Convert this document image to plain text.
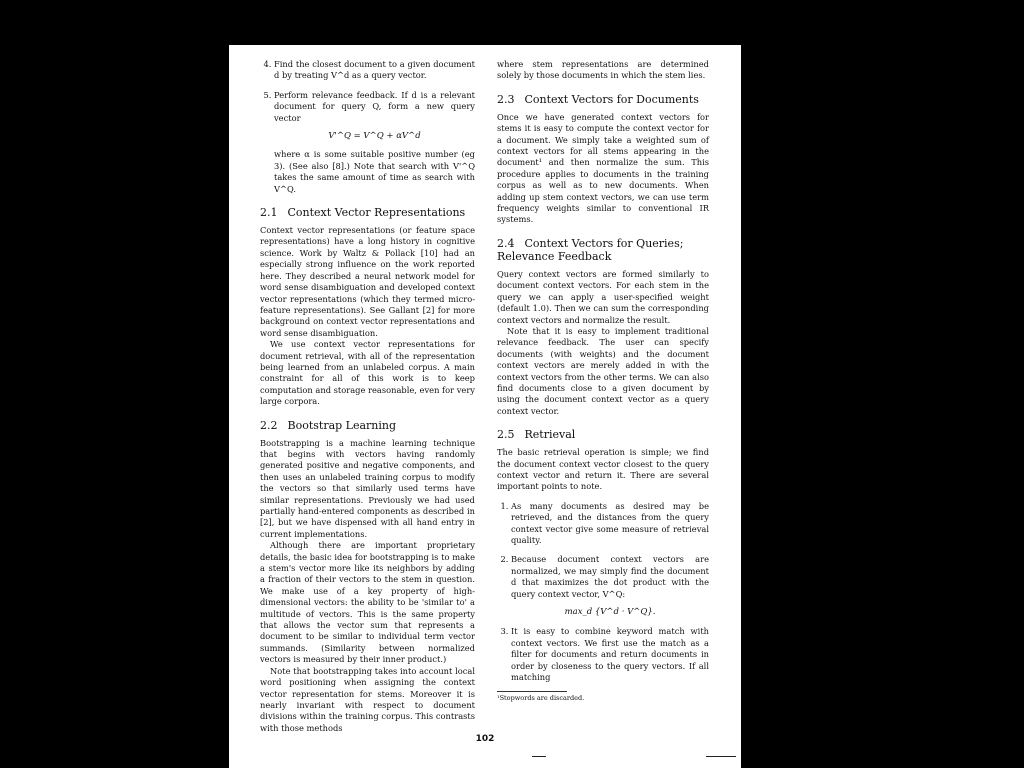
4. Find the closest document to a given document d by treating V^d as a query vector.
5. Perform relevance feedback. If d is a relevant document for query Q, form a new query vector
V'^Q = V^Q + αV^d
where α is some suitable positive number (eg 3). (See also [8].) Note that search with V'^Q takes the same amount of time as search with V^Q.
2.1 Context Vector Representations

Context vector representations (or feature space representations) have a long history in cognitive science. Work by Waltz & Pollack [10] had an especially strong influence on the work reported here. They described a neural network model for word sense disambiguation and developed context vector representations (which they termed micro-feature representations). See Gallant [2] for more background on context vector representations and word sense disambiguation.

We use context vector representations for document retrieval, with all of the representation being learned from an unlabeled corpus. A main constraint for all of this work is to keep computation and storage reasonable, even for very large corpora.

2.2 Bootstrap Learning

Bootstrapping is a machine learning technique that begins with vectors having randomly generated positive and negative components, and then uses an unlabeled training corpus to modify the vectors so that similarly used terms have similar representations. Previously we had used partially hand-entered components as described in [2], but we have dispensed with all hand entry in current implementations.

Although there are important proprietary details, the basic idea for bootstrapping is to make a stem's vector more like its neighbors by adding a fraction of their vectors to the stem in question. We make use of a key property of high-dimensional vectors: the ability to be 'similar to' a multitude of vectors. This is the same property that allows the vector sum that represents a document to be similar to individual term vector summands. (Similarity between normalized vectors is measured by their inner product.)

Note that bootstrapping takes into account local word positioning when assigning the context vector representation for stems. Moreover it is nearly invariant with respect to document divisions within the training corpus. This contrasts with those methods

where stem representations are determined solely by those documents in which the stem lies.

2.3 Context Vectors for Documents

Once we have generated context vectors for stems it is easy to compute the context vector for a document. We simply take a weighted sum of context vectors for all stems appearing in the document¹ and then normalize the sum. This procedure applies to documents in the training corpus as well as to new documents. When adding up stem context vectors, we can use term frequency weights similar to conventional IR systems.

2.4 Context Vectors for Queries; Relevance Feedback

Query context vectors are formed similarly to document context vectors. For each stem in the query we can apply a user-specified weight (default 1.0). Then we can sum the corresponding context vectors and normalize the result.

Note that it is easy to implement traditional relevance feedback. The user can specify documents (with weights) and the document context vectors are merely added in with the context vectors from the other terms. We can also find documents close to a given document by using the document context vector as a query context vector.

2.5 Retrieval

The basic retrieval operation is simple; we find the document context vector closest to the query context vector and return it. There are several important points to note.

1. As many documents as desired may be retrieved, and the distances from the query context vector give some measure of retrieval quality.
2. Because document context vectors are normalized, we may simply find the document d that maximizes the dot product with the query context vector, V^Q:
max_d {V^d · V^Q}.
3. It is easy to combine keyword match with context vectors. We first use the match as a filter for documents and return documents in order by closeness to the query vectors. If all matching
¹Stopwords are discarded.
102
